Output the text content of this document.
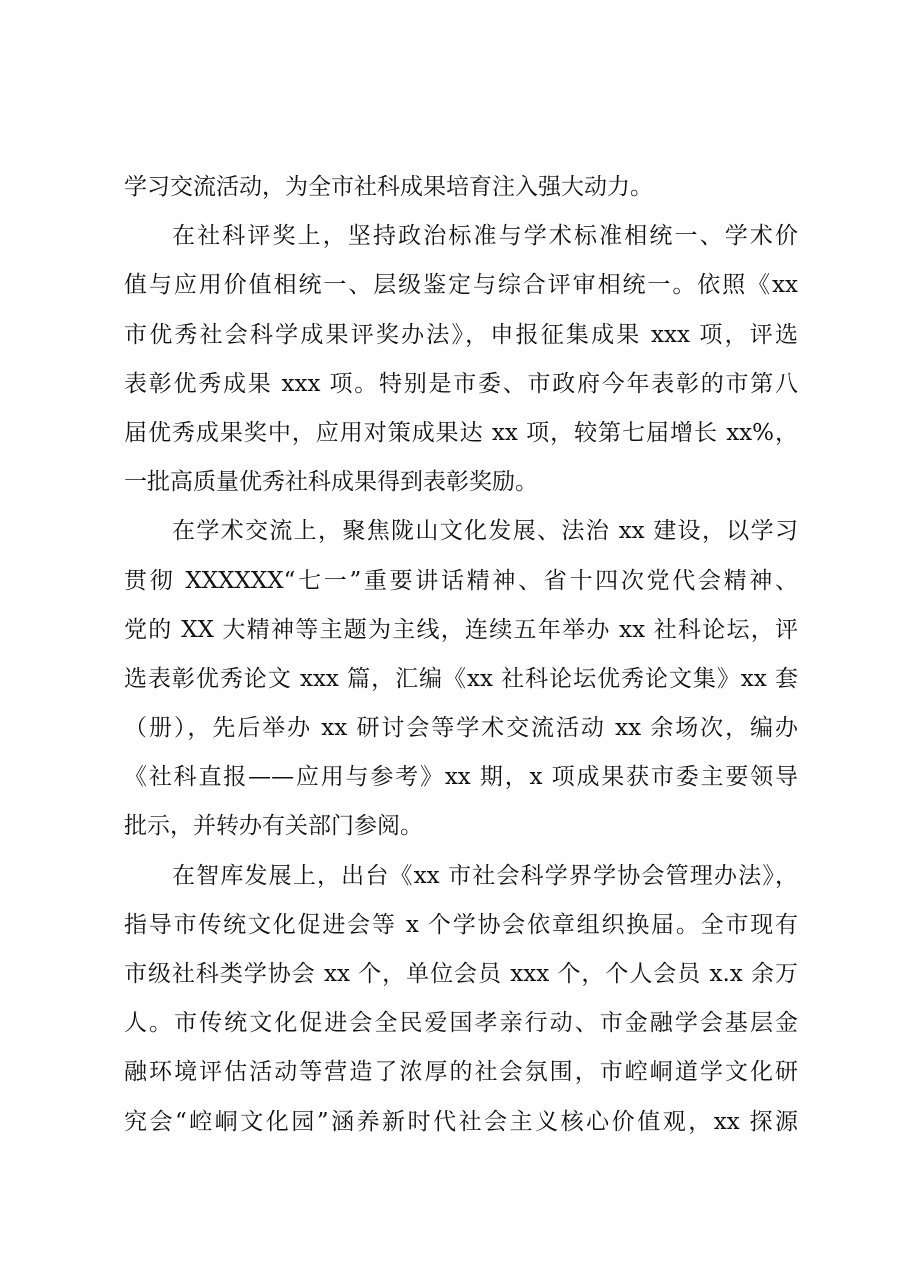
学习交流活动，为全市社科成果培育注入强大动力。
在社科评奖上，坚持政治标准与学术标准相统一、学术价
值与应用价值相统一、层级鉴定与综合评审相统一。依照《xx
市优秀社会科学成果评奖办法》，申报征集成果 xxx 项，评选
表彰优秀成果 xxx 项。特别是市委、市政府今年表彰的市第八
届优秀成果奖中，应用对策成果达 xx 项，较第七届增长 xx%，
一批高质量优秀社科成果得到表彰奖励。
在学术交流上，聚焦陇山文化发展、法治 xx 建设，以学习
贯彻 XXXXXX“七一”重要讲话精神、省十四次党代会精神、
党的 XX 大精神等主题为主线，连续五年举办 xx 社科论坛，评
选表彰优秀论文 xxx 篇，汇编《xx 社科论坛优秀论文集》xx 套
（册），先后举办 xx 研讨会等学术交流活动 xx 余场次，编办
《社科直报——应用与参考》xx 期，x 项成果获市委主要领导
批示，并转办有关部门参阅。
在智库发展上，出台《xx 市社会科学界学协会管理办法》，
指导市传统文化促进会等 x 个学协会依章组织换届。全市现有
市级社科类学协会 xx 个，单位会员 xxx 个，个人会员 x.x 余万
人。市传统文化促进会全民爱国孝亲行动、市金融学会基层金
融环境评估活动等营造了浓厚的社会氛围，市崆峒道学文化研
究会“崆峒文化园”涵养新时代社会主义核心价值观，xx 探源
